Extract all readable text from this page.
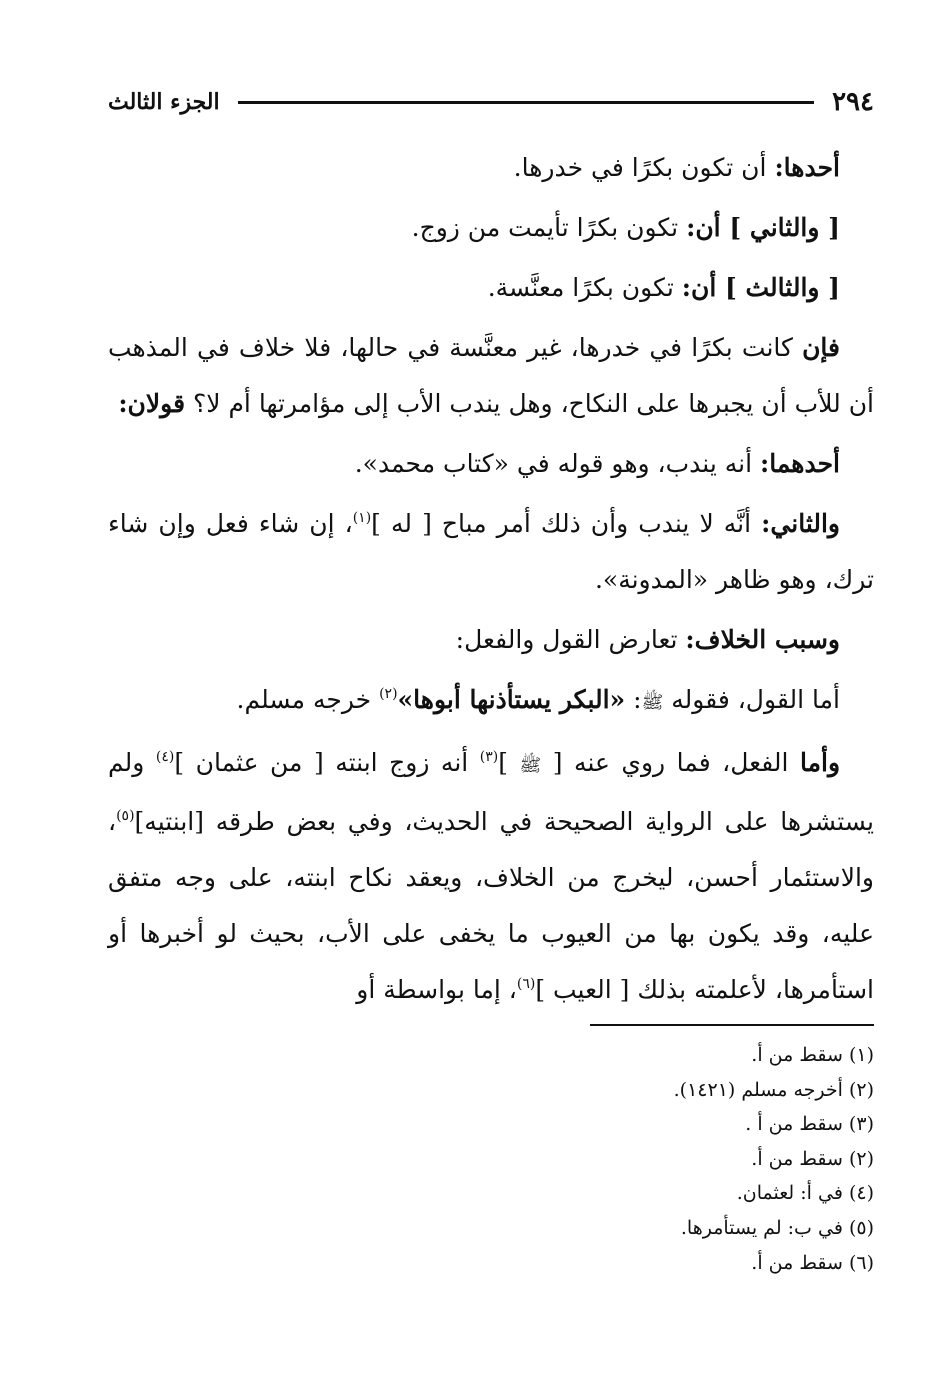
٢٩٤
الجزء الثالث

أحدها: أن تكون بكرًا في خدرها.

[ والثاني ] أن: تكون بكرًا تأيمت من زوج.

[ والثالث ] أن: تكون بكرًا معنَّسة.

فإن كانت بكرًا في خدرها، غير معنَّسة في حالها، فلا خلاف في المذهب أن للأب أن يجبرها على النكاح، وهل يندب الأب إلى مؤامرتها أم لا؟ قولان:

أحدهما: أنه يندب، وهو قوله في «كتاب محمد».

والثاني: أنَّه لا يندب وأن ذلك أمر مباح [ له ]$^{(١)}$، إن شاء فعل وإن شاء ترك، وهو ظاهر «المدونة».

وسبب الخلاف: تعارض القول والفعل:

أما القول، فقوله ﷺ: «البكر يستأذنها أبوها»$^{(٢)}$ خرجه مسلم.

وأما الفعل، فما روي عنه [ ﷺ ]$^{(٣)}$ أنه زوج ابنته [ من عثمان ]$^{(٤)}$ ولم يستشرها على الرواية الصحيحة في الحديث، وفي بعض طرقه [ابنتيه]$^{(٥)}$، والاستئمار أحسن، ليخرج من الخلاف، ويعقد نكاح ابنته، على وجه متفق عليه، وقد يكون بها من العيوب ما يخفى على الأب، بحيث لو أخبرها أو استأمرها، لأعلمته بذلك [ العيب ]$^{(٦)}$، إما بواسطة أو

(١) سقط من أ.
(٢) أخرجه مسلم (١٤٢١).
(٣) سقط من أ .
(٢) سقط من أ.
(٤) في أ: لعثمان.
(٥) في ب: لم يستأمرها.
(٦) سقط من أ.
